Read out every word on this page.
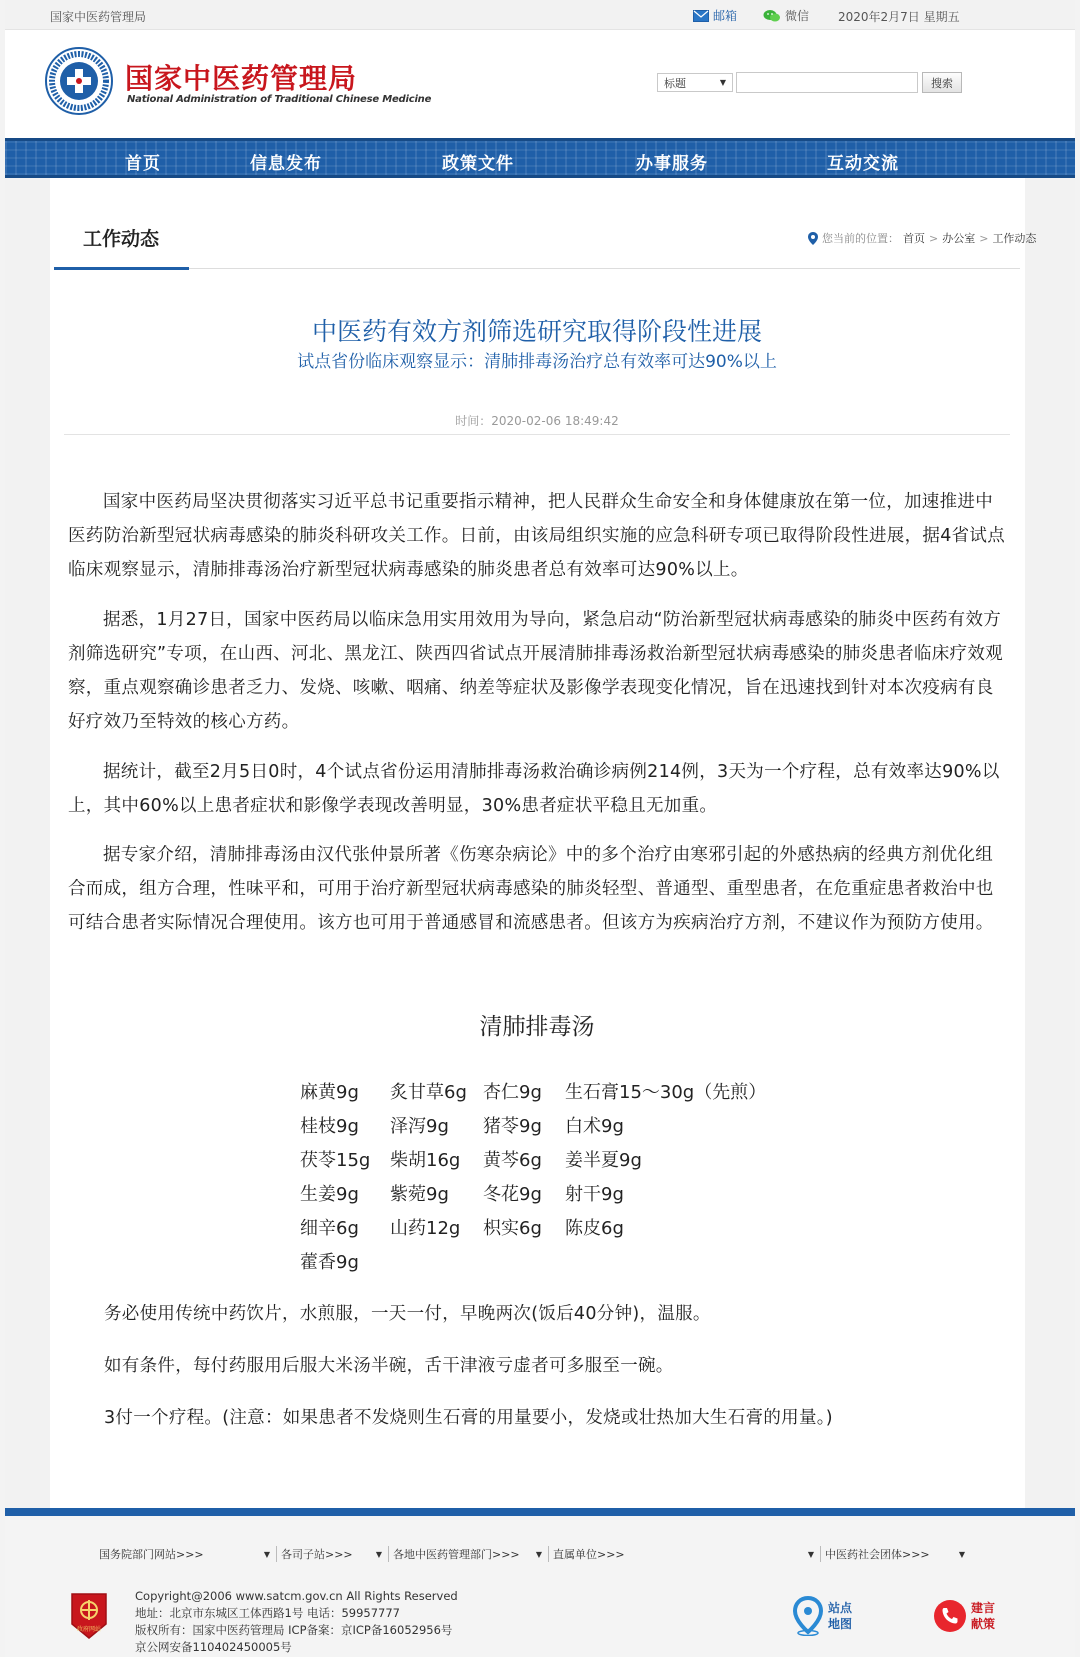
国家中医药管理局	邮箱	微信 2020年2月7日 星期五
国家中医药管理局
National Administration of Traditional Chinese Medicine
标题	▼	搜索
首页	信息发布	政策文件	办事服务	互动交流
工作动态	您当前的位置： 首页 > 办公室 > 工作动态
中医药有效方剂筛选研究取得阶段性进展
试点省份临床观察显示：清肺排毒汤治疗总有效率可达90%以上
时间：2020-02-06 18:49:42
国家中医药局坚决贯彻落实习近平总书记重要指示精神，把人民群众生命安全和身体健康放在第一位，加速推进中医药防治新型冠状病毒感染的肺炎科研攻关工作。日前，由该局组织实施的应急科研专项已取得阶段性进展，据4省试点临床观察显示，清肺排毒汤治疗新型冠状病毒感染的肺炎患者总有效率可达90%以上。
据悉，1月27日，国家中医药局以临床急用实用效用为导向，紧急启动“防治新型冠状病毒感染的肺炎中医药有效方剂筛选研究”专项，在山西、河北、黑龙江、陕西四省试点开展清肺排毒汤救治新型冠状病毒感染的肺炎患者临床疗效观察，重点观察确诊患者乏力、发烧、咳嗽、咽痛、纳差等症状及影像学表现变化情况，旨在迅速找到针对本次疫病有良好疗效乃至特效的核心方药。
据统计，截至2月5日0时，4个试点省份运用清肺排毒汤救治确诊病例214例，3天为一个疗程，总有效率达90%以上，其中60%以上患者症状和影像学表现改善明显，30%患者症状平稳且无加重。
据专家介绍，清肺排毒汤由汉代张仲景所著《伤寒杂病论》中的多个治疗由寒邪引起的外感热病的经典方剂优化组合而成，组方合理，性味平和，可用于治疗新型冠状病毒感染的肺炎轻型、普通型、重型患者，在危重症患者救治中也可结合患者实际情况合理使用。该方也可用于普通感冒和流感患者。但该方为疾病治疗方剂，不建议作为预防方使用。
清肺排毒汤
麻黄9g	炙甘草6g 杏仁9g	生石膏15～30g（先煎）
桂枝9g	泽泻9g	猪苓9g	白术9g
茯苓15g	柴胡16g	黄芩6g	姜半夏9g
生姜9g	紫菀9g	冬花9g	射干9g
细辛6g	山药12g	枳实6g	陈皮6g
藿香9g
务必使用传统中药饮片，水煎服，一天一付，早晚两次(饭后40分钟)，温服。
如有条件，每付药服用后服大米汤半碗，舌干津液亏虚者可多服至一碗。
3付一个疗程。(注意：如果患者不发烧则生石膏的用量要小，发烧或壮热加大生石膏的用量。)
国务院部门网站>>>	▼ 各司子站>>>	▼ 各地中医药管理部门>>> ▼ 直属单位>>>	▼ 中医药社会团体>>>	▼
政府网站
Copyright@2006 www.satcm.gov.cn All Rights Reserved
地址：北京市东城区工体西路1号 电话：59957777
版权所有：国家中医药管理局 ICP备案：京ICP备16052956号
京公网安备110402450005号
站点
地图
建言
献策
